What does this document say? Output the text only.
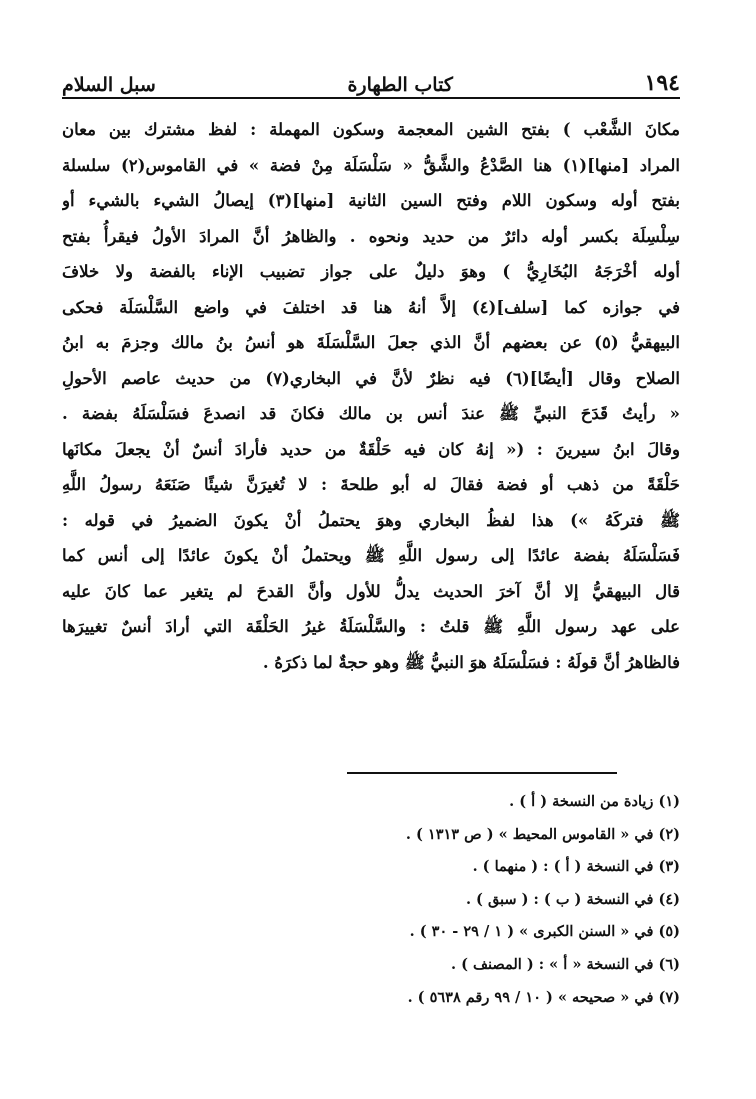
١٩٤
كتاب الطهارة
سبل السلام
مكانَ الشَّعْب ) بفتح الشين المعجمة وسكون المهملة : لفظ مشترك بين معان
المراد [منها](١) هنا الصَّدْعُ والشَّقُّ « سَلْسَلَة مِنْ فضة » في القاموس(٢) سلسلة
بفتح أوله وسكون اللام وفتح السين الثانية [منها](٣) إيصالُ الشيء بالشيء أو
سِلْسِلَة بكسر أوله دائرٌ من حديد ونحوه . والظاهرُ أنَّ المرادَ الأولُ فيقرأُ بفتح
أوله أخْرَجَهُ البُخَارِيُّ ) وهوَ دليلٌ على جواز تضبيب الإناء بالفضة ولا خلافَ
في جوازه كما [سلف](٤) إلاَّ أنهُ هنا قد اختلفَ في واضع السَّلْسَلَة فحكى
البيهقيُّ (٥) عن بعضهم أنَّ الذي جعلَ السَّلْسَلَةَ هو أنسُ بنُ مالك وجزمَ به ابنُ
الصلاح وقال [أيضًا](٦) فيه نظرٌ لأنَّ في البخاري(٧) من حديث عاصم الأحولِ
« رأيتُ قَدَحَ النبيِّ ﷺ عندَ أنس بن مالك فكانَ قد انصدعَ فسَلْسَلَهُ بفضة .
وقالَ ابنُ سيرينَ : (« إنهُ كان فيه حَلْقَةٌ من حديد فأرادَ أنسٌ أنْ يجعلَ مكانَها
حَلْقَةً من ذهب أو فضة فقالَ له أبو طلحةَ : لا تُغيرَنَّ شيئًا صَنَعَهُ رسولُ اللَّهِ
ﷺ فتركَهُ ») هذا لفظُ البخاري وهوَ يحتملُ أنْ يكونَ الضميرُ في قوله :
فَسَلْسَلَهُ بفضة عائدًا إلى رسول اللَّهِ ﷺ ويحتملُ أنْ يكونَ عائدًا إلى أنس كما
قال البيهقيُّ إلا أنَّ آخرَ الحديث يدلُّ للأول وأنَّ القدحَ لم يتغير عما كانَ عليه
على عهد رسول اللَّهِ ﷺ قلتُ : والسَّلْسَلَةُ غيرُ الحَلْقَة التي أرادَ أنسٌ تغييرَها
فالظاهرُ أنَّ قولَهُ : فسَلْسَلَهُ هوَ النبيُّ ﷺ وهو حجةٌ لما ذكرَهُ .
(١) زيادة من النسخة ( أ ) .
(٢) في « القاموس المحيط » ( ص ١٣١٣ ) .
(٣) في النسخة ( أ ) : ( منهما ) .
(٤) في النسخة ( ب ) : ( سبق ) .
(٥) في « السنن الكبرى » ( ١ / ٢٩ - ٣٠ ) .
(٦) في النسخة « أ » : ( المصنف ) .
(٧) في « صحيحه » ( ١٠ / ٩٩ رقم ٥٦٣٨ ) .
